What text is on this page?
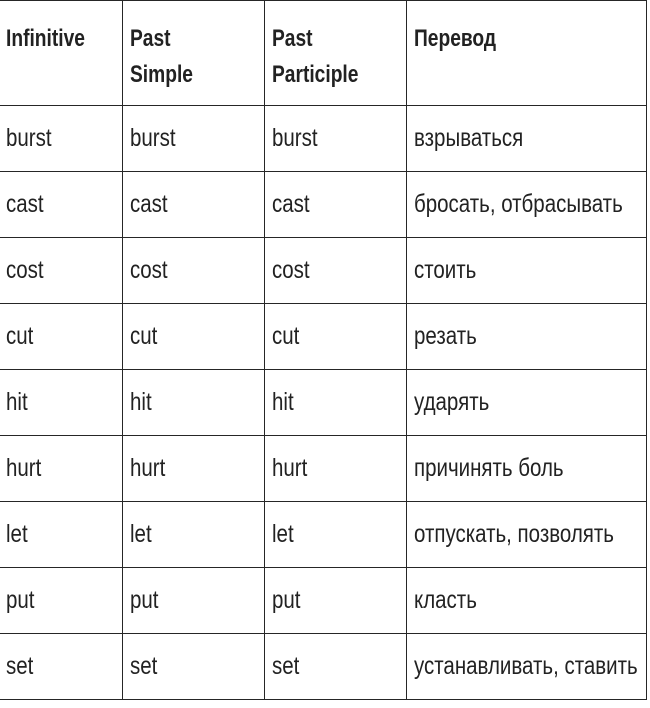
Infinitive	Past Simple	Past Participle	Перевод
burst	burst	burst	взрываться
cast	cast	cast	бросать, отбрасывать
cost	cost	cost	стоить
cut	cut	cut	резать
hit	hit	hit	ударять
hurt	hurt	hurt	причинять боль
let	let	let	отпускать, позволять
put	put	put	класть
set	set	set	устанавливать, ставить
